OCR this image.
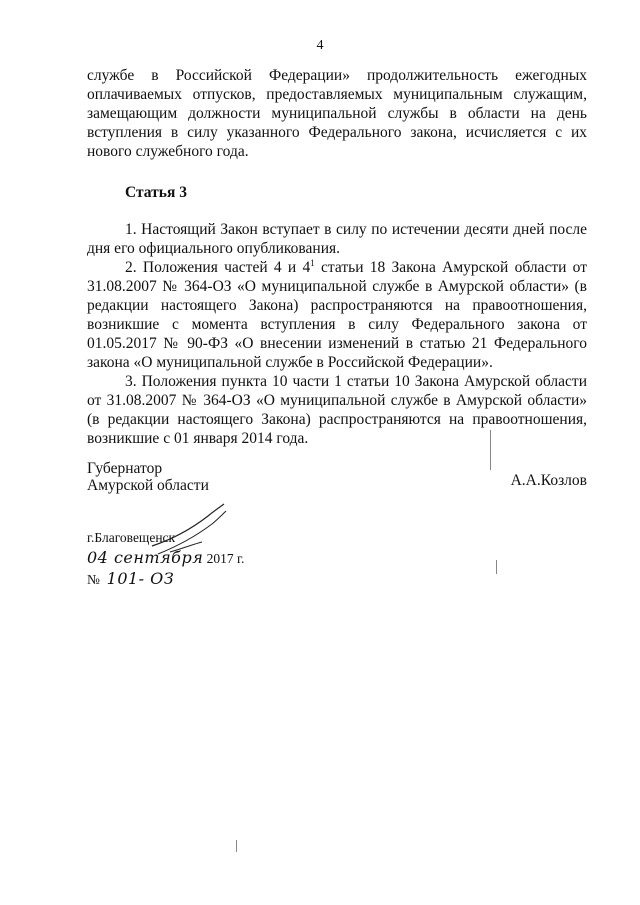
4

службе в Российской Федерации» продолжительность ежегодных оплачиваемых отпусков, предоставляемых муниципальным служащим, замещающим должности муниципальной службы в области на день вступления в силу указанного Федерального закона, исчисляется с их нового служебного года.

Статья 3

1. Настоящий Закон вступает в силу по истечении десяти дней после дня его официального опубликования.

2. Положения частей 4 и $4^1$ статьи 18 Закона Амурской области от 31.08.2007 № 364-ОЗ «О муниципальной службе в Амурской области» (в редакции настоящего Закона) распространяются на правоотношения, возникшие с момента вступления в силу Федерального закона от 01.05.2017 № 90-ФЗ «О внесении изменений в статью 21 Федерального закона «О муниципальной службе в Российской Федерации».

3. Положения пункта 10 части 1 статьи 10 Закона Амурской области от 31.08.2007 № 364-ОЗ «О муниципальной службе в Амурской области» (в редакции настоящего Закона) распространяются на правоотношения, возникшие с 01 января 2014 года.

Губернатор
Амурской области	А.А.Козлов
г.Благовещенск
04 сентября 2017 г.
№ 101- ОЗ
